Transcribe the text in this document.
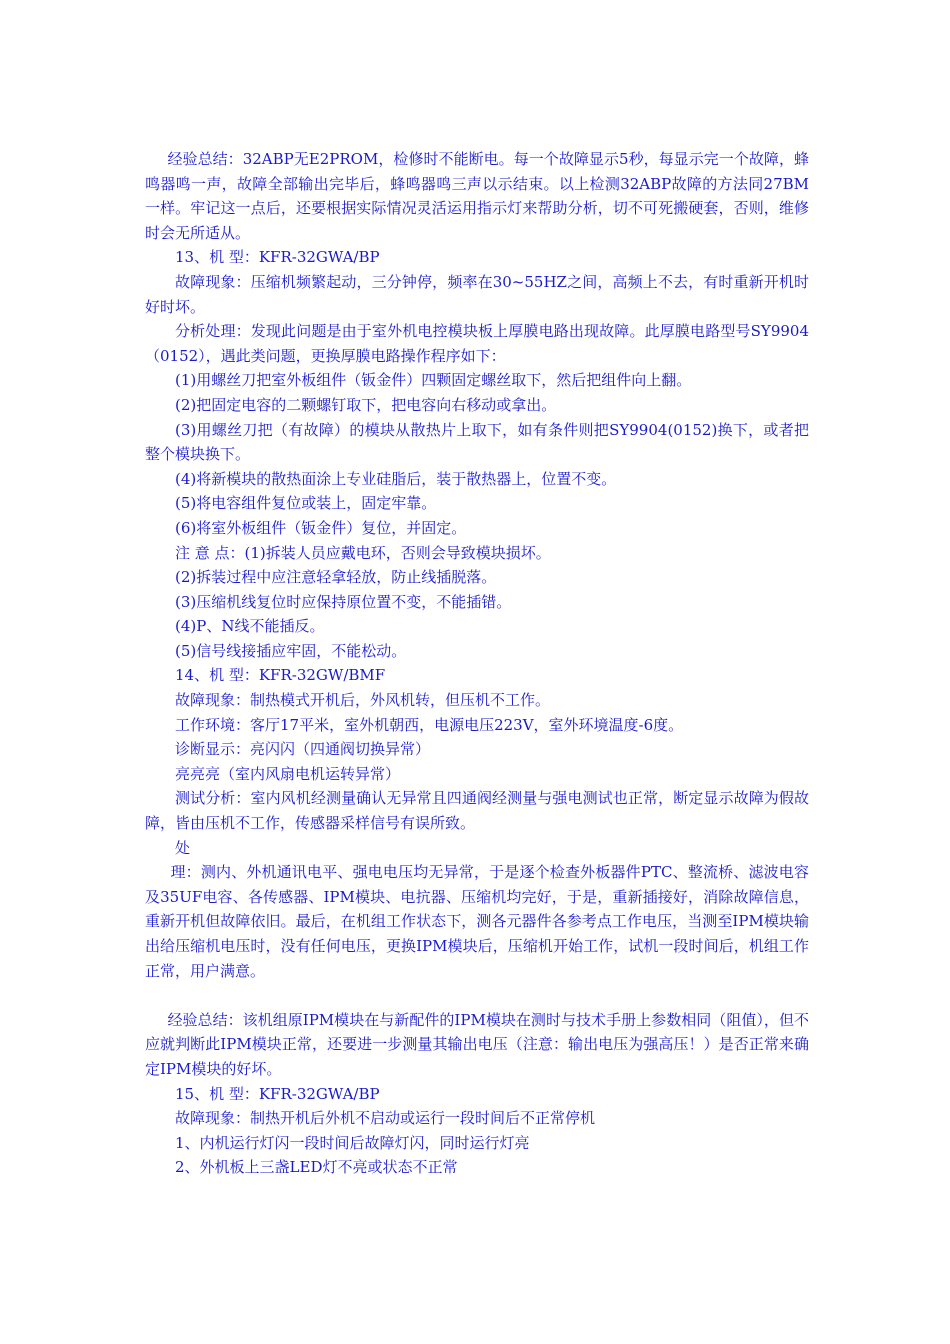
经验总结：32ABP无E2PROM，检修时不能断电。每一个故障显示5秒，每显示完一个故障，蜂鸣器鸣一声，故障全部输出完毕后，蜂鸣器鸣三声以示结束。以上检测32ABP故障的方法同27BM一样。牢记这一点后，还要根据实际情况灵活运用指示灯来帮助分析，切不可死搬硬套，否则，维修时会无所适从。

13、机 型：KFR-32GWA/BP

故障现象：压缩机频繁起动，三分钟停，频率在30~55HZ之间，高频上不去，有时重新开机时好时坏。

分析处理：发现此问题是由于室外机电控模块板上厚膜电路出现故障。此厚膜电路型号SY9904（0152），遇此类问题，更换厚膜电路操作程序如下：

(1)用螺丝刀把室外板组件（钣金件）四颗固定螺丝取下，然后把组件向上翻。

(2)把固定电容的二颗螺钉取下，把电容向右移动或拿出。

(3)用螺丝刀把（有故障）的模块从散热片上取下，如有条件则把SY9904(0152)换下，或者把整个模块换下。

(4)将新模块的散热面涂上专业硅脂后，装于散热器上，位置不变。

(5)将电容组件复位或装上，固定牢靠。

(6)将室外板组件（钣金件）复位，并固定。

注 意 点：(1)拆装人员应戴电环，否则会导致模块损坏。

(2)拆装过程中应注意轻拿轻放，防止线插脱落。

(3)压缩机线复位时应保持原位置不变，不能插错。

(4)P、N线不能插反。

(5)信号线接插应牢固，不能松动。

14、机 型：KFR-32GW/BMF

故障现象：制热模式开机后，外风机转，但压机不工作。

工作环境：客厅17平米，室外机朝西，电源电压223V，室外环境温度-6度。

诊断显示：亮闪闪（四通阀切换异常）

亮亮亮（室内风扇电机运转异常）

测试分析：室内风机经测量确认无异常且四通阀经测量与强电测试也正常，断定显示故障为假故障，皆由压机不工作，传感器采样信号有误所致。

处

理：测内、外机通讯电平、强电电压均无异常，于是逐个检查外板器件PTC、整流桥、滤波电容及35UF电容、各传感器、IPM模块、电抗器、压缩机均完好，于是，重新插接好，消除故障信息，重新开机但故障依旧。最后，在机组工作状态下，测各元器件各参考点工作电压，当测至IPM模块输出给压缩机电压时，没有任何电压，更换IPM模块后，压缩机开始工作，试机一段时间后，机组工作正常，用户满意。

经验总结：该机组原IPM模块在与新配件的IPM模块在测时与技术手册上参数相同（阻值），但不应就判断此IPM模块正常，还要进一步测量其输出电压（注意：输出电压为强高压！）是否正常来确定IPM模块的好坏。

15、机 型：KFR-32GWA/BP

故障现象：制热开机后外机不启动或运行一段时间后不正常停机

1、内机运行灯闪一段时间后故障灯闪，同时运行灯亮

2、外机板上三盏LED灯不亮或状态不正常
